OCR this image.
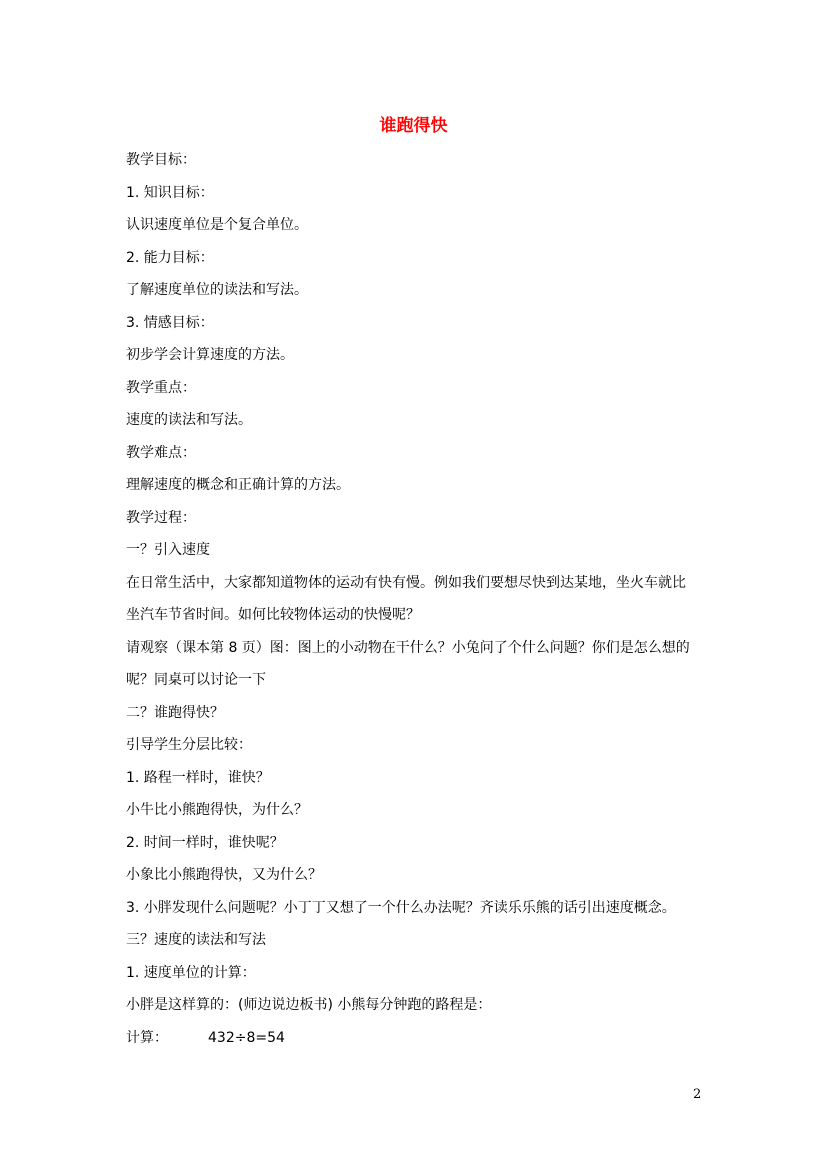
谁跑得快
教学目标：
1. 知识目标：
认识速度单位是个复合单位。
2. 能力目标：
了解速度单位的读法和写法。
3. 情感目标：
初步学会计算速度的方法。
教学重点：
速度的读法和写法。
教学难点：
理解速度的概念和正确计算的方法。
教学过程：
一？引入速度
在日常生活中，大家都知道物体的运动有快有慢。例如我们要想尽快到达某地，坐火车就比
坐汽车节省时间。如何比较物体运动的快慢呢？
请观察（课本第 8 页）图：图上的小动物在干什么？小兔问了个什么问题？你们是怎么想的
呢？同桌可以讨论一下
二？谁跑得快？
引导学生分层比较：
1. 路程一样时，谁快？
小牛比小熊跑得快，为什么？
2. 时间一样时，谁快呢？
小象比小熊跑得快，又为什么？
3. 小胖发现什么问题呢？小丁丁又想了一个什么办法呢？齐读乐乐熊的话引出速度概念。
三？速度的读法和写法
1. 速度单位的计算：
小胖是这样算的：(师边说边板书) 小熊每分钟跑的路程是：
计算：	432÷8=54
2
